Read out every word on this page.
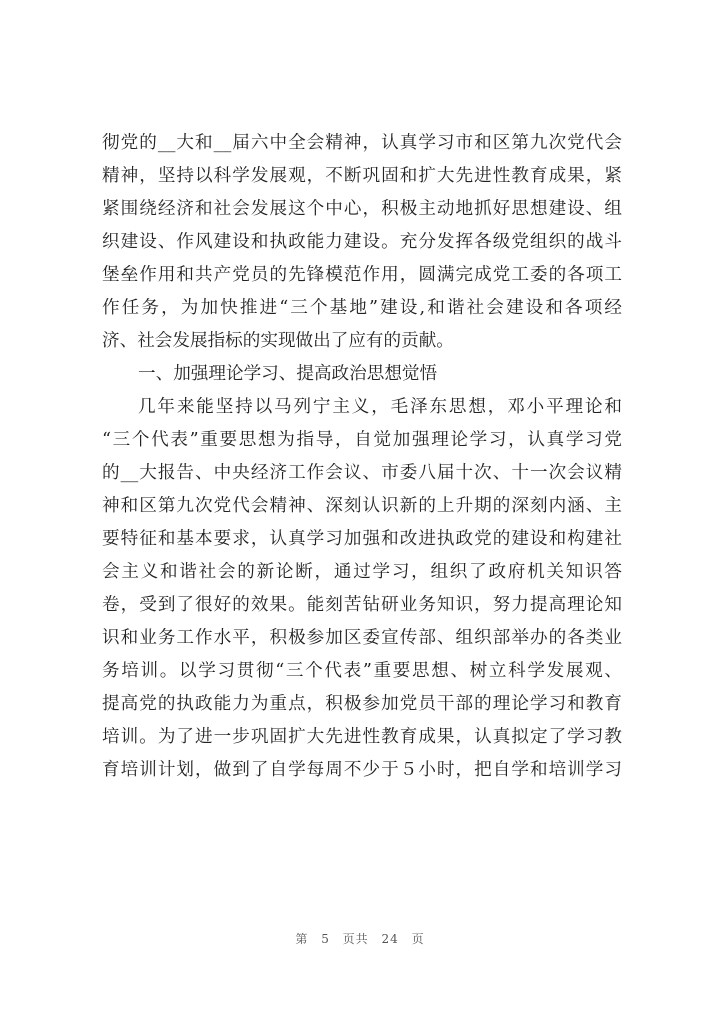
彻党的__大和__届六中全会精神，认真学习市和区第九次党代会
精神，坚持以科学发展观，不断巩固和扩大先进性教育成果，紧
紧围绕经济和社会发展这个中心，积极主动地抓好思想建设、组
织建设、作风建设和执政能力建设。充分发挥各级党组织的战斗
堡垒作用和共产党员的先锋模范作用，圆满完成党工委的各项工
作任务，为加快推进“三个基地”建设,和谐社会建设和各项经
济、社会发展指标的实现做出了应有的贡献。
一、加强理论学习、提高政治思想觉悟
几年来能坚持以马列宁主义，毛泽东思想，邓小平理论和
“三个代表”重要思想为指导，自觉加强理论学习，认真学习党
的__大报告、中央经济工作会议、市委八届十次、十一次会议精
神和区第九次党代会精神、深刻认识新的上升期的深刻内涵、主
要特征和基本要求，认真学习加强和改进执政党的建设和构建社
会主义和谐社会的新论断，通过学习，组织了政府机关知识答
卷，受到了很好的效果。能刻苦钻研业务知识，努力提高理论知
识和业务工作水平，积极参加区委宣传部、组织部举办的各类业
务培训。以学习贯彻“三个代表”重要思想、树立科学发展观、
提高党的执政能力为重点，积极参加党员干部的理论学习和教育
培训。为了进一步巩固扩大先进性教育成果，认真拟定了学习教
育培训计划，做到了自学每周不少于５小时，把自学和培训学习
第 5 页共 24 页
